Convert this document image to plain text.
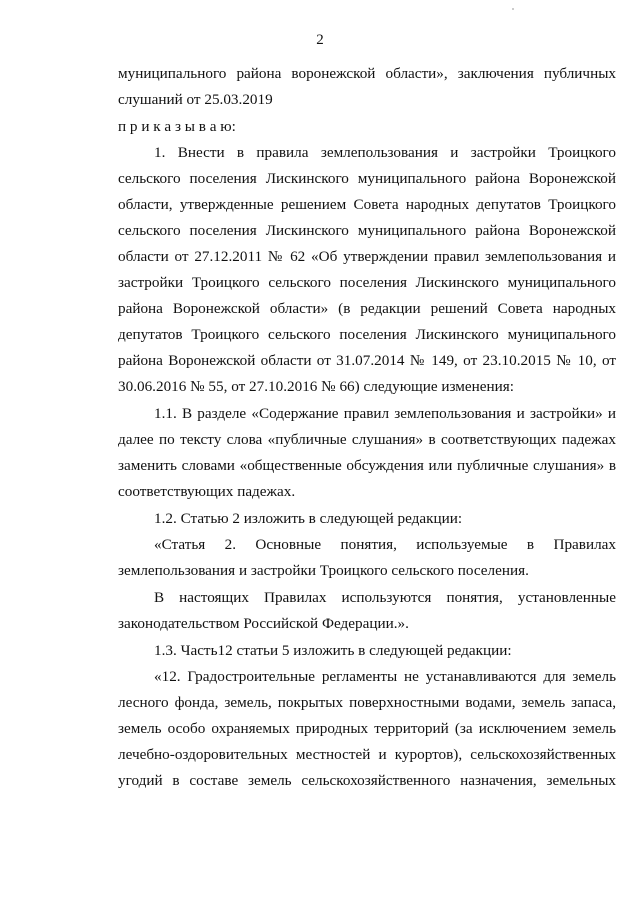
2
муниципального района воронежской области», заключения публичных
слушаний от 25.03.2019
п р и к а з ы в а ю:
1. Внести в правила землепользования и застройки Троицкого
сельского поселения Лискинского муниципального района Воронежской
области, утвержденные решением Совета народных депутатов Троицкого
сельского поселения Лискинского муниципального района Воронежской
области от 27.12.2011 № 62 «Об утверждении правил землепользования и
застройки Троицкого сельского поселения Лискинского муниципального
района Воронежской области» (в редакции решений Совета народных
депутатов Троицкого сельского поселения Лискинского муниципального
района Воронежской области от 31.07.2014 № 149, от 23.10.2015 № 10, от
30.06.2016 № 55, от 27.10.2016 № 66) следующие изменения:
1.1. В разделе «Содержание правил землепользования и застройки» и
далее по тексту слова «публичные слушания» в соответствующих падежах
заменить словами «общественные обсуждения или публичные слушания» в
соответствующих падежах.
1.2. Статью 2 изложить в следующей редакции:
«Статья 2. Основные понятия, используемые в Правилах
землепользования и застройки Троицкого сельского поселения.
В настоящих Правилах используются понятия, установленные
законодательством Российской Федерации.».
1.3. Часть12 статьи 5 изложить в следующей редакции:
«12. Градостроительные регламенты не устанавливаются для земель
лесного фонда, земель, покрытых поверхностными водами, земель запаса,
земель особо охраняемых природных территорий (за исключением земель
лечебно-оздоровительных местностей и курортов), сельскохозяйственных
угодий в составе земель сельскохозяйственного назначения, земельных
